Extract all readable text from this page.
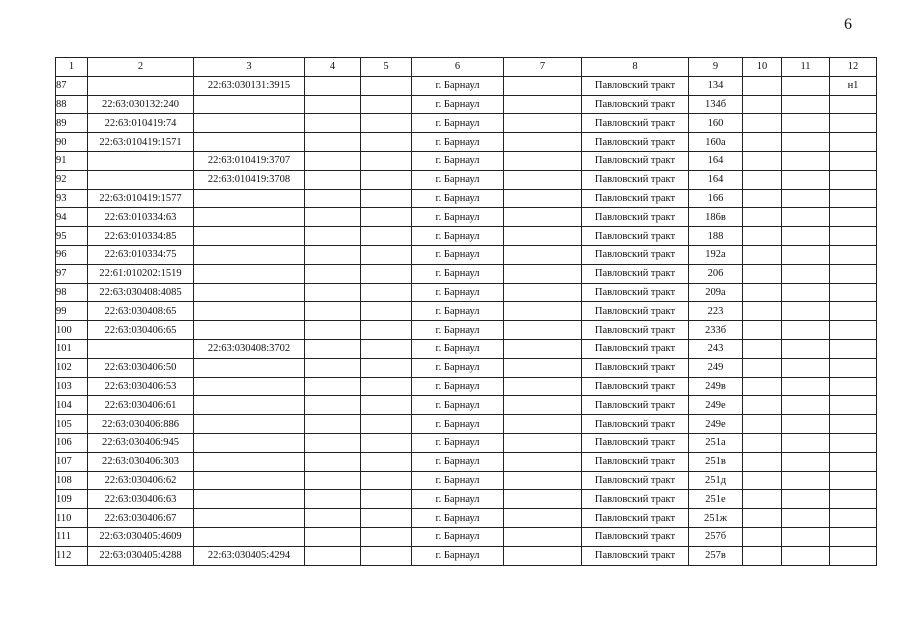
6
1	2	3	4	5	6	7	8	9	10	11	12
87		22:63:030131:3915			г. Барнаул		Павловский тракт	134			н1
88	22:63:030132:240				г. Барнаул		Павловский тракт	134б			
89	22:63:010419:74				г. Барнаул		Павловский тракт	160			
90	22:63:010419:1571				г. Барнаул		Павловский тракт	160а			
91		22:63:010419:3707			г. Барнаул		Павловский тракт	164			
92		22:63:010419:3708			г. Барнаул		Павловский тракт	164			
93	22:63:010419:1577				г. Барнаул		Павловский тракт	166			
94	22:63:010334:63				г. Барнаул		Павловский тракт	186в			
95	22:63:010334:85				г. Барнаул		Павловский тракт	188			
96	22:63:010334:75				г. Барнаул		Павловский тракт	192а			
97	22:61:010202:1519				г. Барнаул		Павловский тракт	206			
98	22:63:030408:4085				г. Барнаул		Павловский тракт	209а			
99	22:63:030408:65				г. Барнаул		Павловский тракт	223			
100	22:63:030406:65				г. Барнаул		Павловский тракт	233б			
101		22:63:030408:3702			г. Барнаул		Павловский тракт	243			
102	22:63:030406:50				г. Барнаул		Павловский тракт	249			
103	22:63:030406:53				г. Барнаул		Павловский тракт	249в			
104	22:63:030406:61				г. Барнаул		Павловский тракт	249е			
105	22:63:030406:886				г. Барнаул		Павловский тракт	249е			
106	22:63:030406:945				г. Барнаул		Павловский тракт	251а			
107	22:63:030406:303				г. Барнаул		Павловский тракт	251в			
108	22:63:030406:62				г. Барнаул		Павловский тракт	251д			
109	22:63:030406:63				г. Барнаул		Павловский тракт	251е			
110	22:63:030406:67				г. Барнаул		Павловский тракт	251ж			
111	22:63:030405:4609				г. Барнаул		Павловский тракт	257б			
112	22:63:030405:4288	22:63:030405:4294			г. Барнаул		Павловский тракт	257в			
